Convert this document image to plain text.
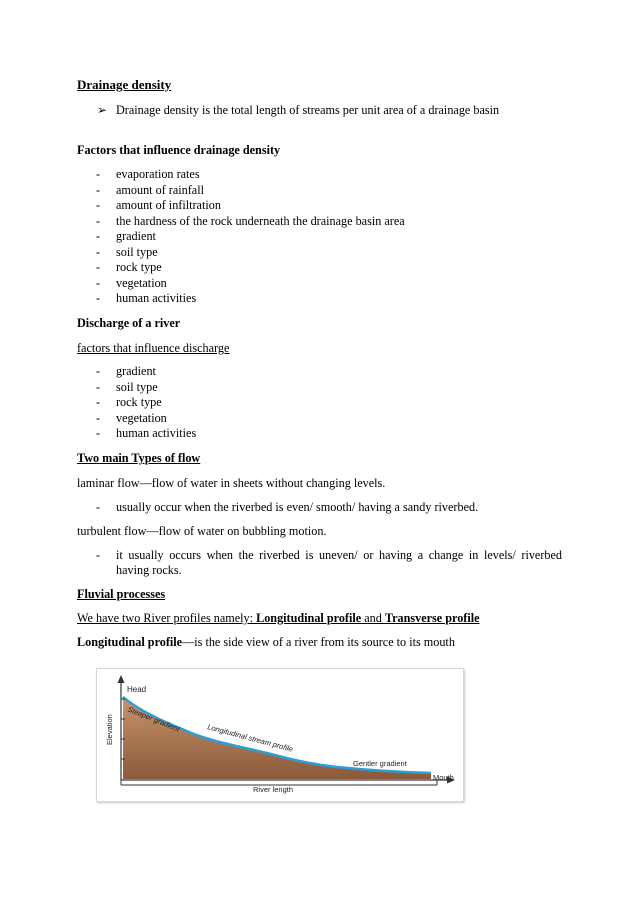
Drainage density
➢ Drainage density is the total length of streams per unit area of a drainage basin
Factors that influence drainage density
- evaporation rates
- amount of rainfall
- amount of infiltration
- the hardness of the rock underneath the drainage basin area
- gradient
- soil type
- rock type
- vegetation
- human activities
Discharge of a river
factors that influence discharge
- gradient
- soil type
- rock type
- vegetation
- human activities
Two main Types of flow
laminar flow—flow of water in sheets without changing levels.
- usually occur when the riverbed is even/ smooth/ having a sandy riverbed.
turbulent flow—flow of water on bubbling motion.
- it usually occurs when the riverbed is uneven/ or having a change in levels/ riverbed having rocks.
Fluvial processes
We have two River profiles namely: Longitudinal profile and Transverse profile
Longitudinal profile—is the side view of a river from its source to its mouth
Head
Steeper gradient
Longitudinal stream profile
Gentler gradient
Mouth
Elevation
River length
